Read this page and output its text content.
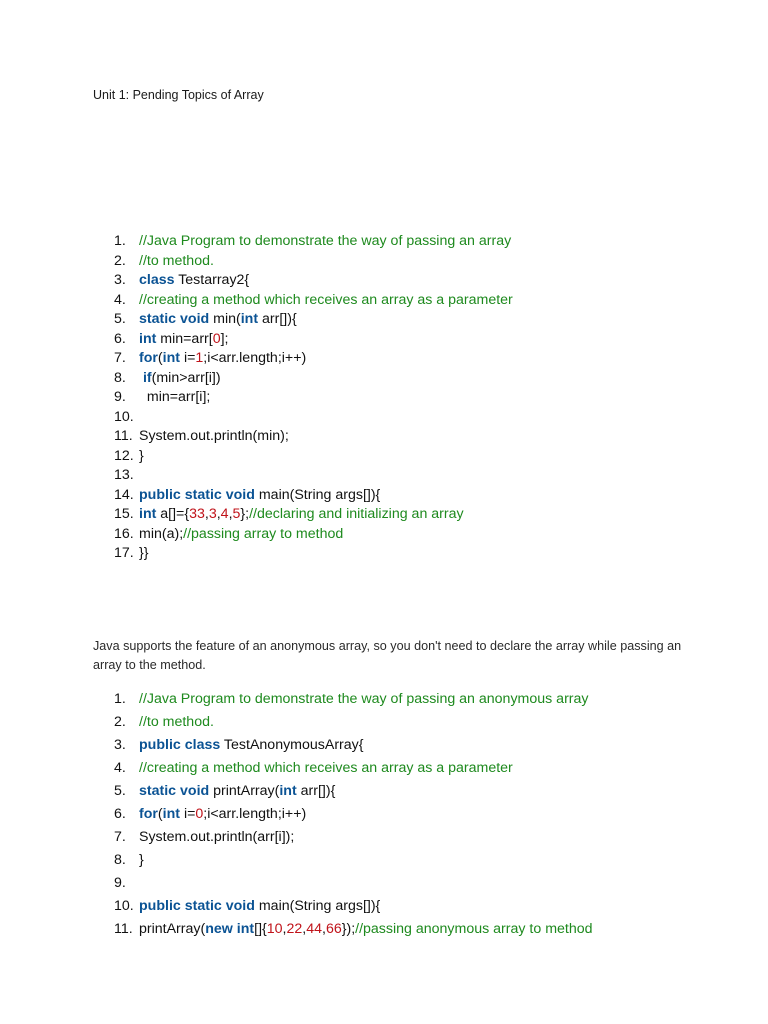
Unit 1: Pending Topics of Array
1. //Java Program to demonstrate the way of passing an array
2. //to method.
3. class Testarray2{
4. //creating a method which receives an array as a parameter
5. static void min(int arr[]){
6. int min=arr[0];
7. for(int i=1;i<arr.length;i++)
8. if(min>arr[i])
9.  min=arr[i];
10.
11. System.out.println(min);
12. }
13.
14. public static void main(String args[]){
15. int a[]={33,3,4,5};//declaring and initializing an array
16. min(a);//passing array to method
17. }}
Java supports the feature of an anonymous array, so you don't need to declare the array while passing an array to the method.
1. //Java Program to demonstrate the way of passing an anonymous array
2. //to method.
3. public class TestAnonymousArray{
4. //creating a method which receives an array as a parameter
5. static void printArray(int arr[]){
6. for(int i=0;i<arr.length;i++)
7. System.out.println(arr[i]);
8. }
9.
10. public static void main(String args[]){
11. printArray(new int[]{10,22,44,66});//passing anonymous array to method
